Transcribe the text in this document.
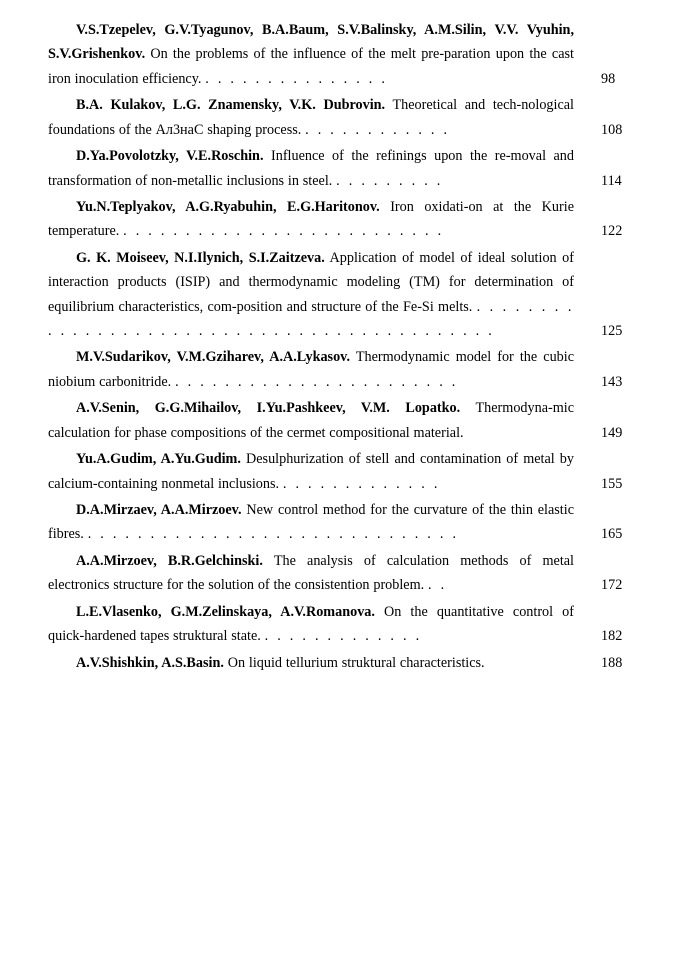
V.S.Tzepelev, G.V.Tyagunov, B.A.Baum, S.V.Balinsky, A.M.Silin, V.V. Vyuhin, S.V.Grishenkov. On the problems of the influence of the melt pre-paration upon the cast iron inoculation efficiency. . . . . . . . . . . . . . . .	98
B.A. Kulakov, L.G. Znamensky, V.K. Dubrovin. Theoretical and tech-nological foundations of the Ал3наС shaping process. . . . . . . . . . . . .	108
D.Ya.Povolotzky, V.E.Roschin. Influence of the refinings upon the re-moval and transformation of non-metallic inclusions in steel. . . . . . . . . .	114
Yu.N.Teplyakov, A.G.Ryabuhin, E.G.Haritonov. Iron oxidati-on at the Kurie temperature. . . . . . . . . . . . . . . . . . . . . . . . . . .	122
G. K. Moiseev, N.I.Ilynich, S.I.Zaitzeva. Application of model of ideal solution of interaction products (ISIP) and thermodynamic modeling (TM) for determination of equilibrium characteristics, com-position and structure of the Fe-Si melts. . . . . . . . . . . . . . . . . . . . . . . . . . . . . . . . . . . . . . . . . . . . .	125
M.V.Sudarikov, V.M.Gziharev, A.A.Lykasov. Thermodynamic model for the cubic niobium carbonitride. . . . . . . . . . . . . . . . . . . . . . . .	143
A.V.Senin, G.G.Mihailov, I.Yu.Pashkeev, V.M. Lopatko. Thermodyna-mic calculation for phase compositions of the cermet compositional material.	149
Yu.A.Gudim, A.Yu.Gudim. Desulphurization of stell and contamination of metal by calcium-containing nonmetal inclusions. . . . . . . . . . . . . .	155
D.A.Mirzaev, A.A.Mirzoev. New control method for the curvature of the thin elastic fibres. . . . . . . . . . . . . . . . . . . . . . . . . . . . . . .	165
A.A.Mirzoev, B.R.Gelchinski. The analysis of calculation methods of metal electronics structure for the solution of the consistention problem. . .	172
L.E.Vlasenko, G.M.Zelinskaya, A.V.Romanova. On the quantitative control of quick-hardened tapes struktural state. . . . . . . . . . . . . .	182
A.V.Shishkin, A.S.Basin. On liquid tellurium struktural characteristics.	188
